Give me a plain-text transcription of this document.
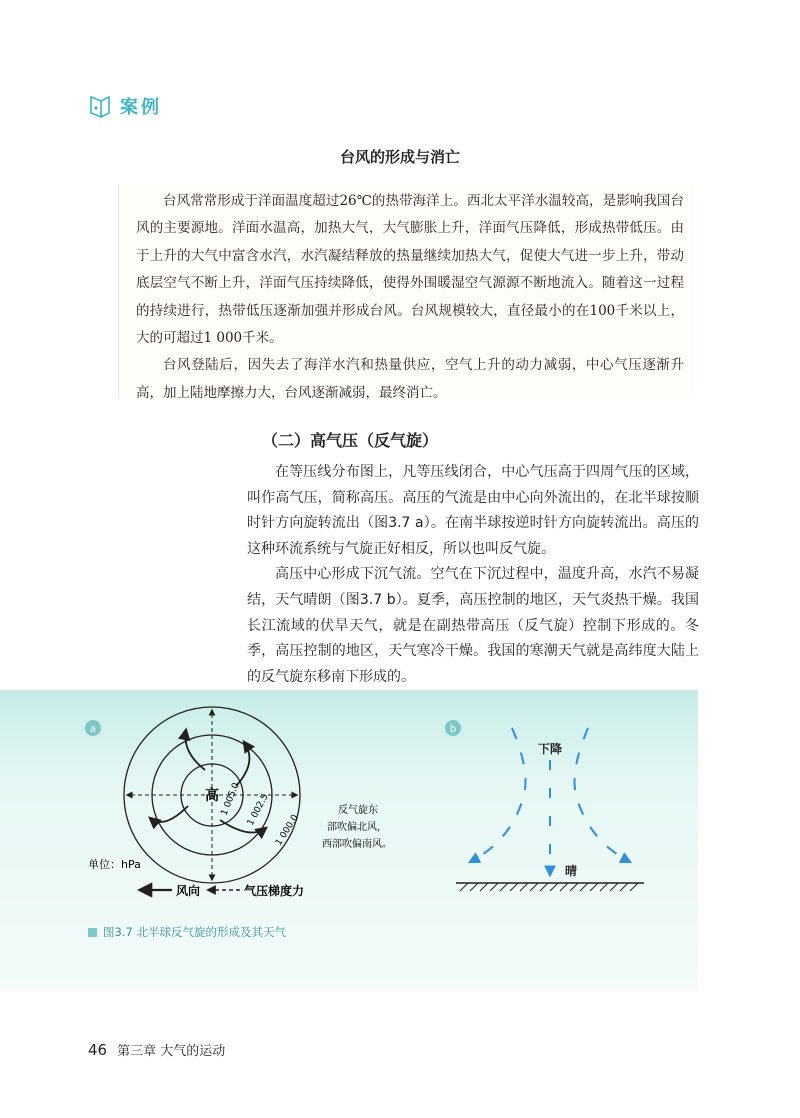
案例
台风的形成与消亡

台风常常形成于洋面温度超过26℃的热带海洋上。西北太平洋水温较高，是影响我国台风的主要源地。洋面水温高，加热大气，大气膨胀上升，洋面气压降低，形成热带低压。由于上升的大气中富含水汽，水汽凝结释放的热量继续加热大气，促使大气进一步上升，带动底层空气不断上升，洋面气压持续降低，使得外围暖湿空气源源不断地流入。随着这一过程的持续进行，热带低压逐渐加强并形成台风。台风规模较大，直径最小的在100千米以上，大的可超过1 000千米。

台风登陆后，因失去了海洋水汽和热量供应，空气上升的动力减弱，中心气压逐渐升高，加上陆地摩擦力大，台风逐渐减弱，最终消亡。

（二）高气压（反气旋）

在等压线分布图上，凡等压线闭合，中心气压高于四周气压的区域，叫作高气压，简称高压。高压的气流是由中心向外流出的，在北半球按顺时针方向旋转流出（图3.7 a）。在南半球按逆时针方向旋转流出。高压的这种环流系统与气旋正好相反，所以也叫反气旋。

高压中心形成下沉气流。空气在下沉过程中，温度升高，水汽不易凝结，天气晴朗（图3.7 b）。夏季，高压控制的地区，天气炎热干燥。我国长江流域的伏旱天气，就是在副热带高压（反气旋）控制下形成的。冬季，高压控制的地区，天气寒冷干燥。我国的寒潮天气就是高纬度大陆上的反气旋东移南下形成的。

a
高 1 005.0 1 002.5
1 000.0
反气旋东
部吹偏北风，
西部吹偏南风。
单位：hPa
风向	气压梯度力
b
下降
晴
图3.7 北半球反气旋的形成及其天气
46 第三章 大气的运动
